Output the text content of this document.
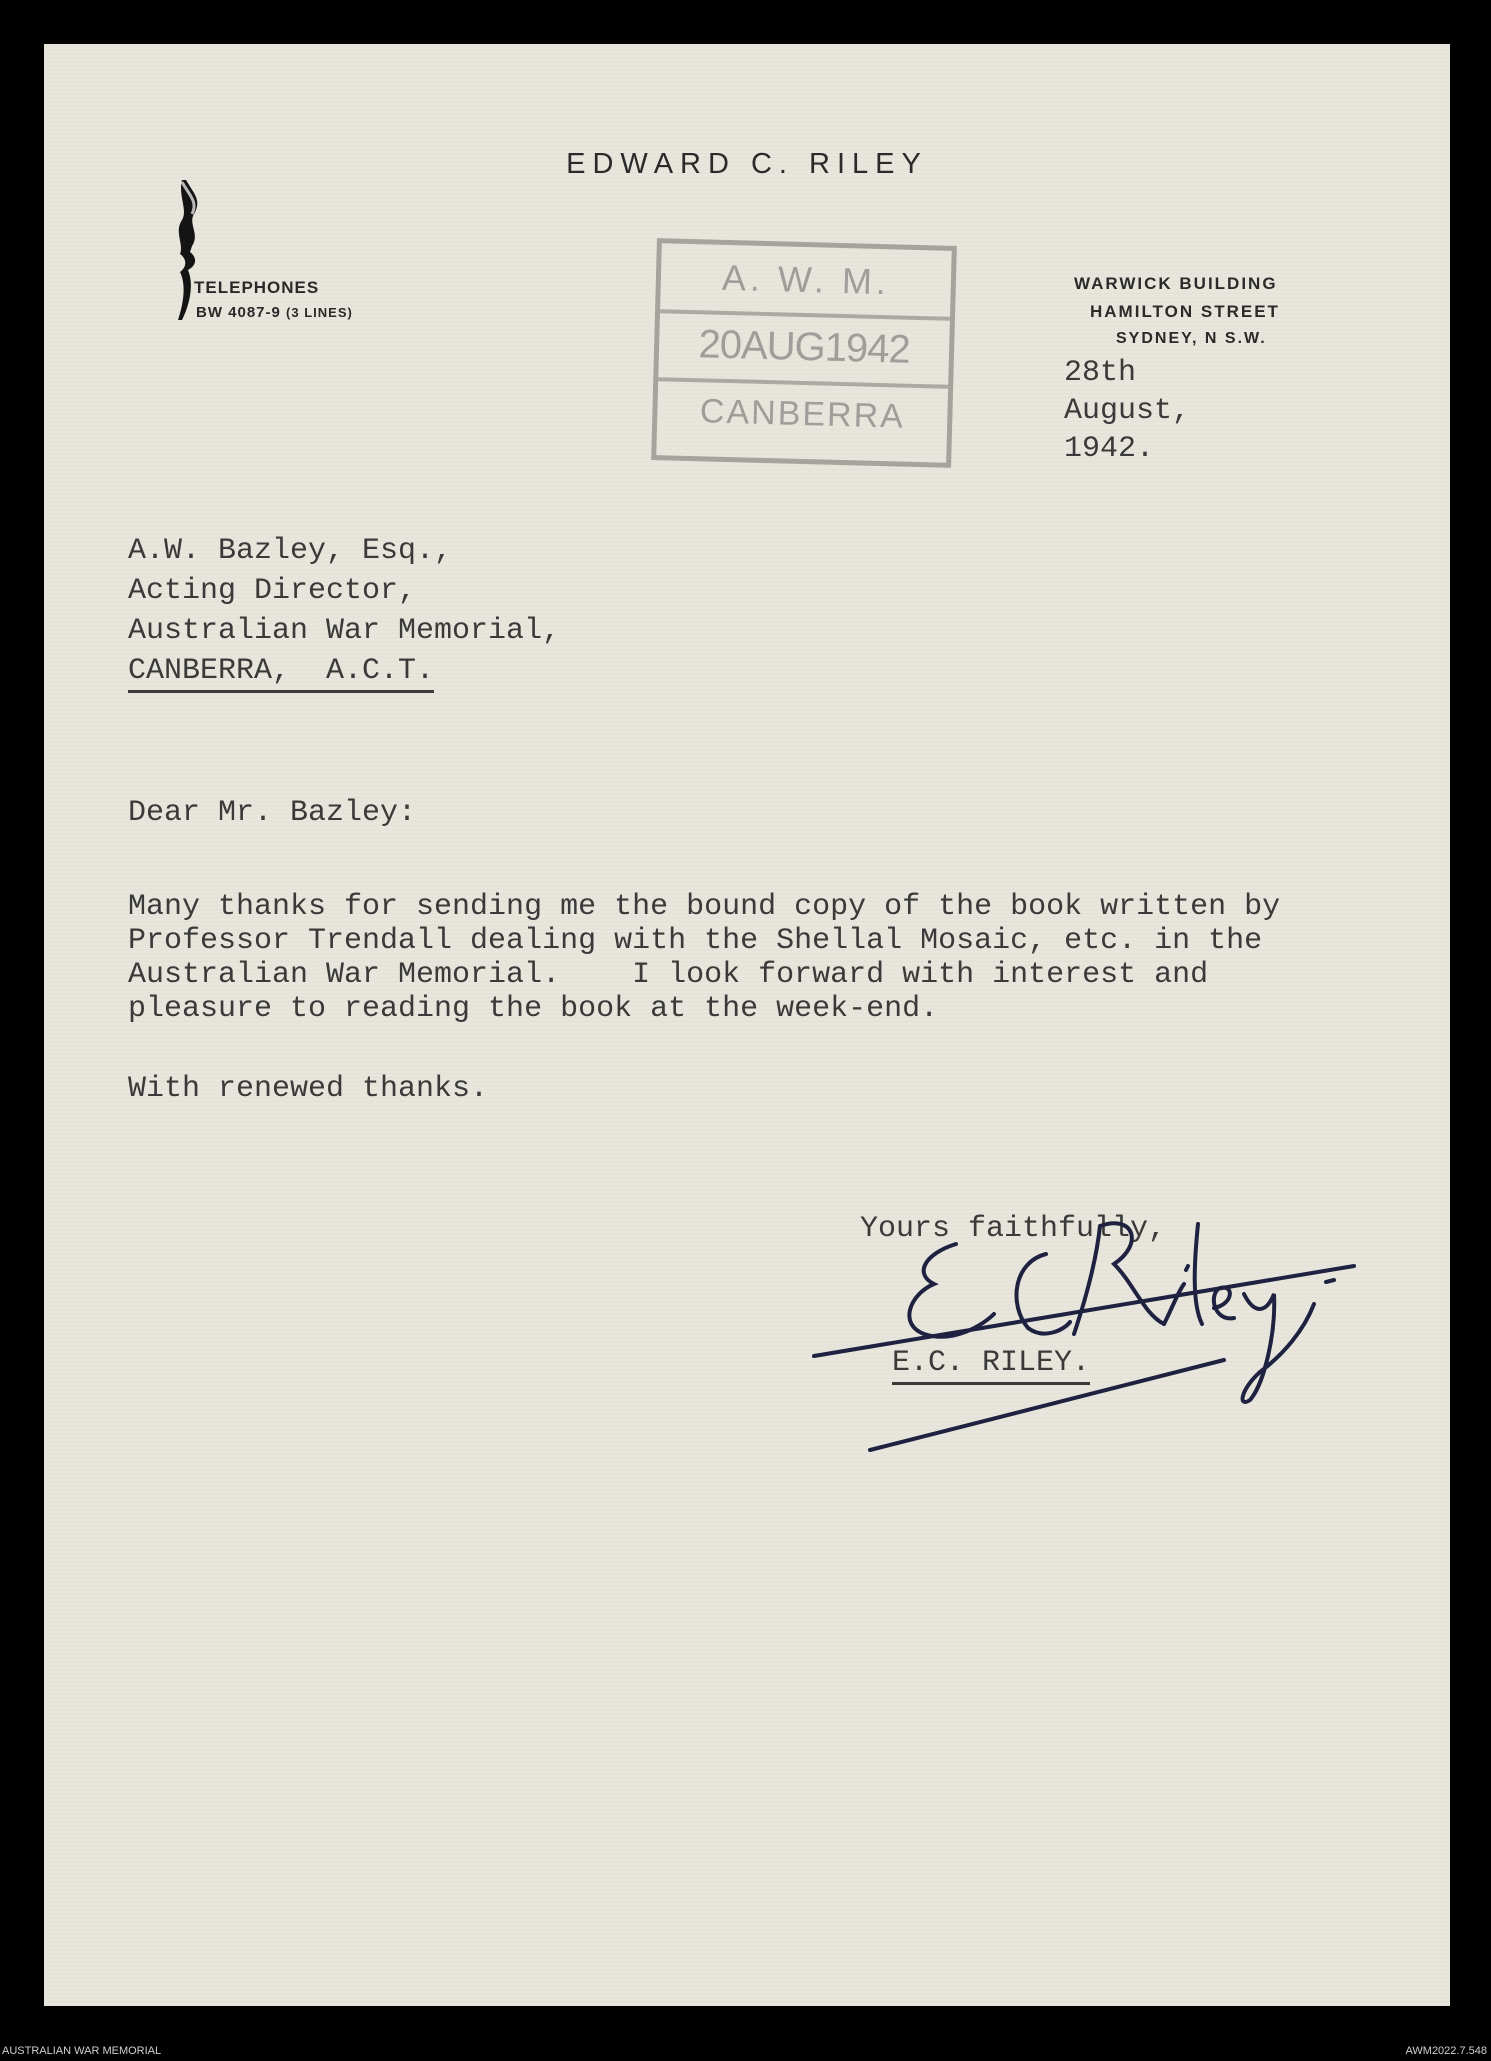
EDWARD C. RILEY
TELEPHONES
BW 4087-9 (3 LINES)
WARWICK BUILDING
HAMILTON STREET
SYDNEY, N S.W.
A. W. M.
20AUG1942
CANBERRA
28th
August,
1942.
A.W. Bazley, Esq.,
Acting Director,
Australian War Memorial,
CANBERRA,  A.C.T.
Dear Mr. Bazley:
Many thanks for sending me the bound copy of the book written by
Professor Trendall dealing with the Shellal Mosaic, etc. in the
Australian War Memorial.    I look forward with interest and
pleasure to reading the book at the week-end.
With renewed thanks.
Yours faithfully,
E.C. RILEY.
E.C. Riley
AUSTRALIAN WAR MEMORIAL	AWM2022.7.548
